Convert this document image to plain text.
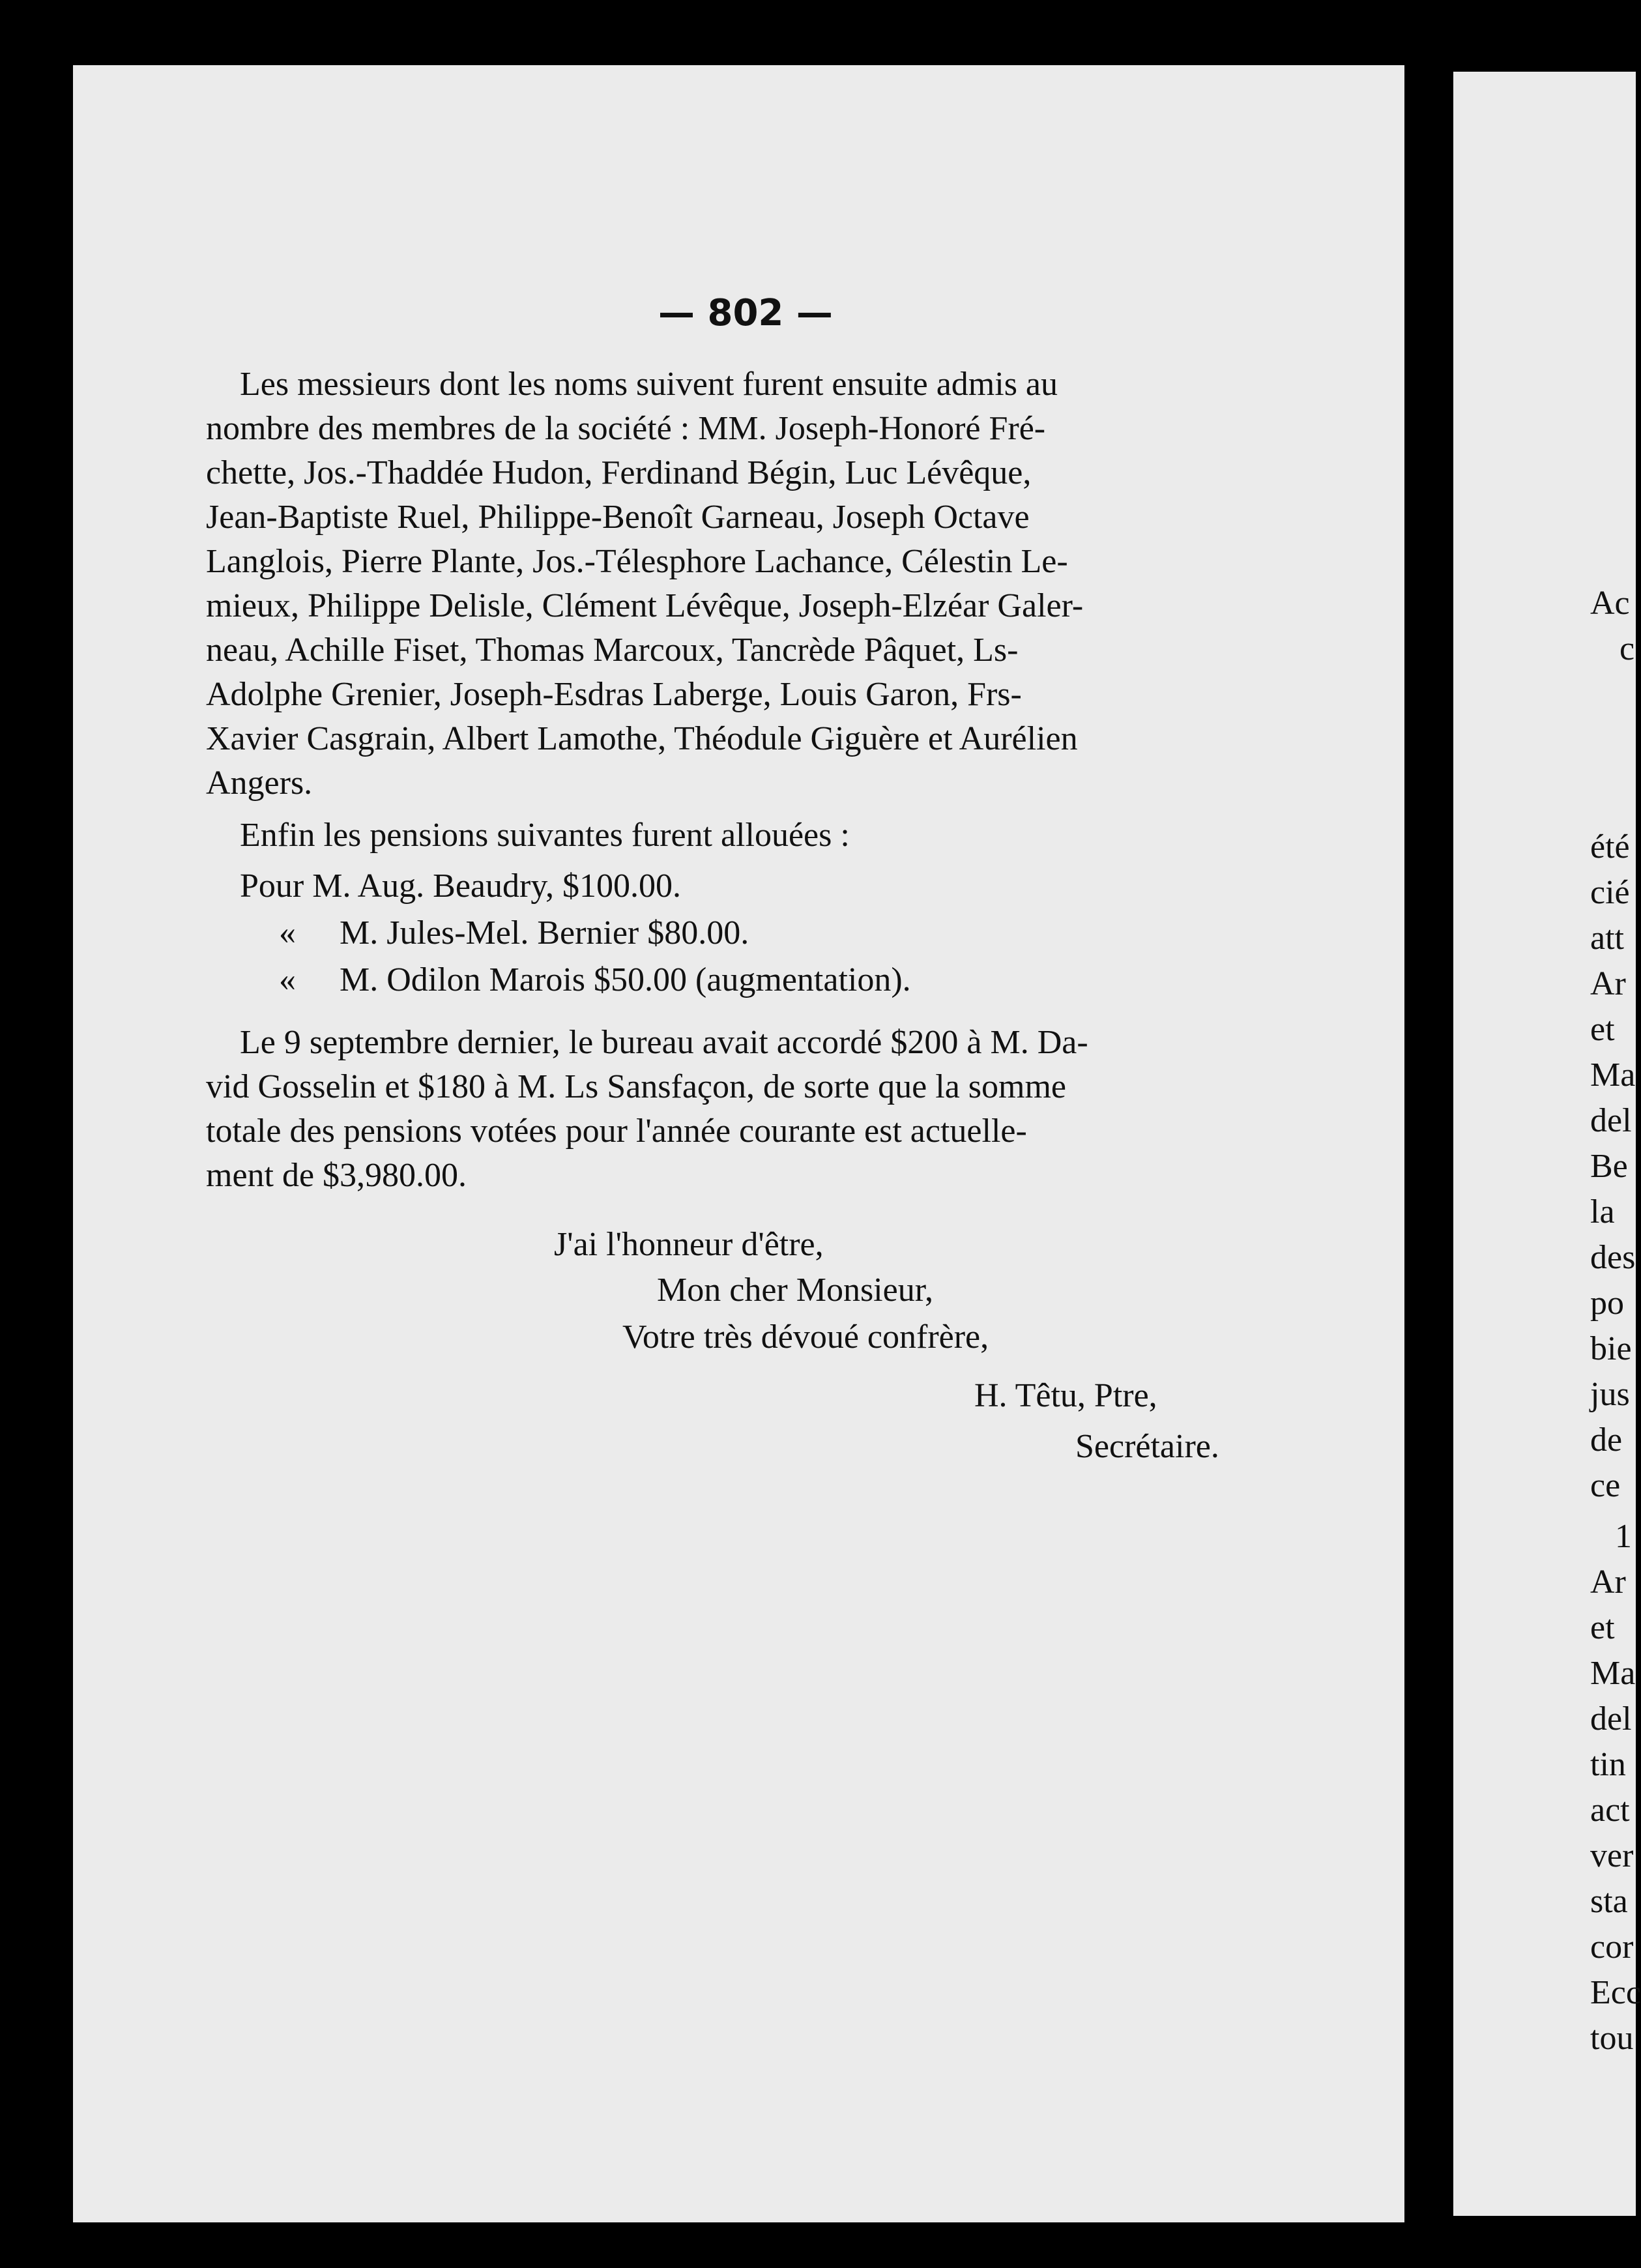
— 802 —
Les messieurs dont les noms suivent furent ensuite admis au
nombre des membres de la société : MM. Joseph-Honoré Fré-
chette, Jos.-Thaddée Hudon, Ferdinand Bégin, Luc Lévêque,
Jean-Baptiste Ruel, Philippe-Benoît Garneau, Joseph Octave
Langlois, Pierre Plante, Jos.-Télesphore Lachance, Célestin Le-
mieux, Philippe Delisle, Clément Lévêque, Joseph-Elzéar Galer-
neau, Achille Fiset, Thomas Marcoux, Tancrède Pâquet, Ls-
Adolphe Grenier, Joseph-Esdras Laberge, Louis Garon, Frs-
Xavier Casgrain, Albert Lamothe, Théodule Giguère et Aurélien
Angers.
Enfin les pensions suivantes furent allouées :
Pour M. Aug. Beaudry, $100.00.
« M. Jules-Mel. Bernier $80.00.
« M. Odilon Marois $50.00 (augmentation).
Le 9 septembre dernier, le bureau avait accordé $200 à M. Da-
vid Gosselin et $180 à M. Ls Sansfaçon, de sorte que la somme
totale des pensions votées pour l'année courante est actuelle-
ment de $3,980.00.
J'ai l'honneur d'être,
Mon cher Monsieur,
Votre très dévoué confrère,
H. Têtu, Ptre,
Secrétaire.
Ac
c
été
cié
att
Ar
et
Ma
del
Be
la
des
po
bie
jus
de
ce
1
Ar
et
Ma
del
tin
act
ver
sta
cor
Ecc
tou
